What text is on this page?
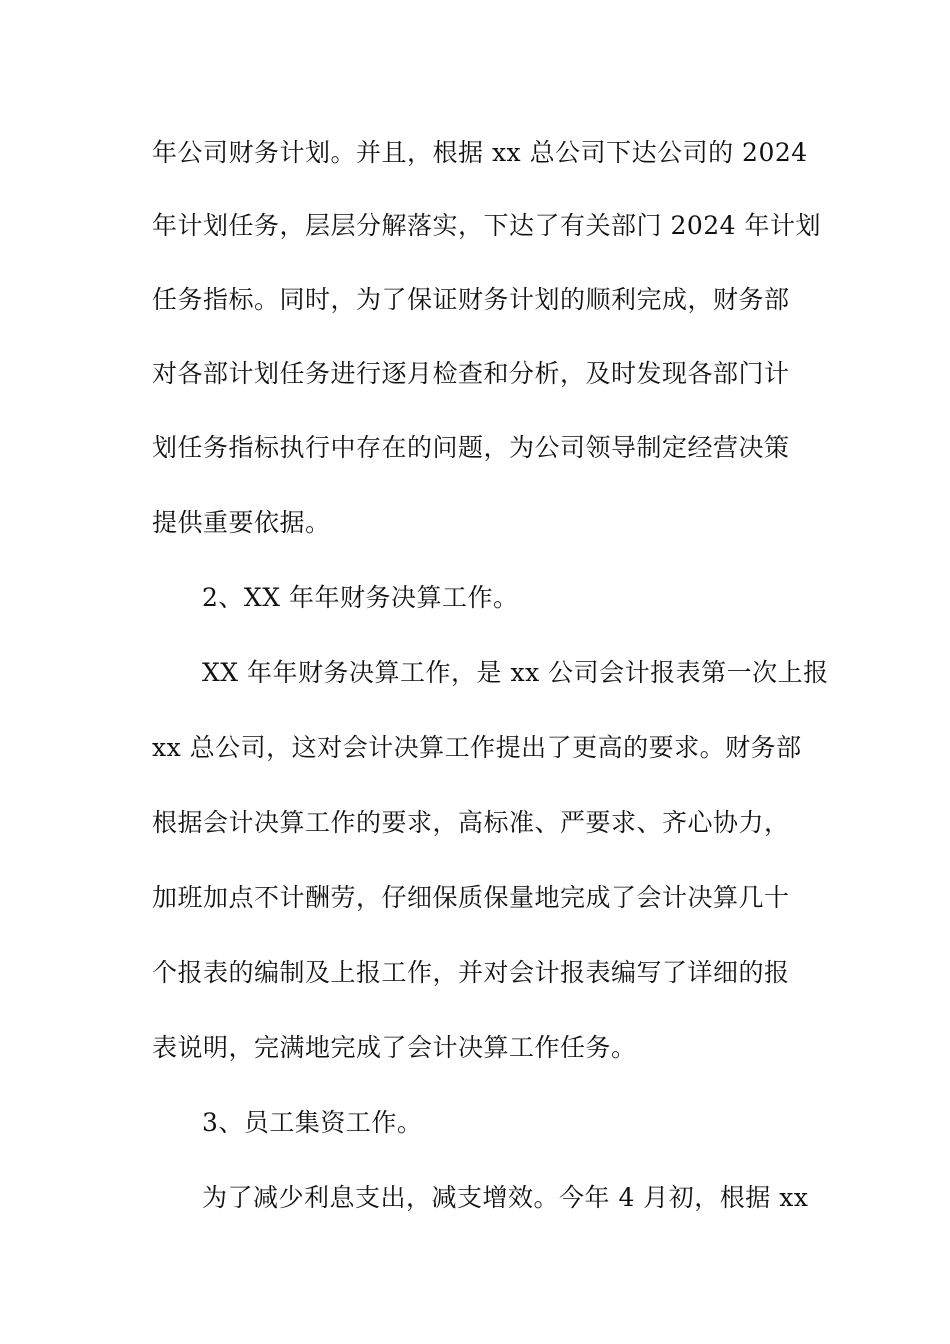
年公司财务计划。并且，根据 xx 总公司下达公司的 2024
年计划任务，层层分解落实，下达了有关部门 2024 年计划
任务指标。同时，为了保证财务计划的顺利完成，财务部
对各部计划任务进行逐月检查和分析，及时发现各部门计
划任务指标执行中存在的问题，为公司领导制定经营决策
提供重要依据。
2、XX 年年财务决算工作。
XX 年年财务决算工作，是 xx 公司会计报表第一次上报
xx 总公司，这对会计决算工作提出了更高的要求。财务部
根据会计决算工作的要求，高标准、严要求、齐心协力，
加班加点不计酬劳，仔细保质保量地完成了会计决算几十
个报表的编制及上报工作，并对会计报表编写了详细的报
表说明，完满地完成了会计决算工作任务。
3、员工集资工作。
为了减少利息支出，减支增效。今年 4 月初，根据 xx
